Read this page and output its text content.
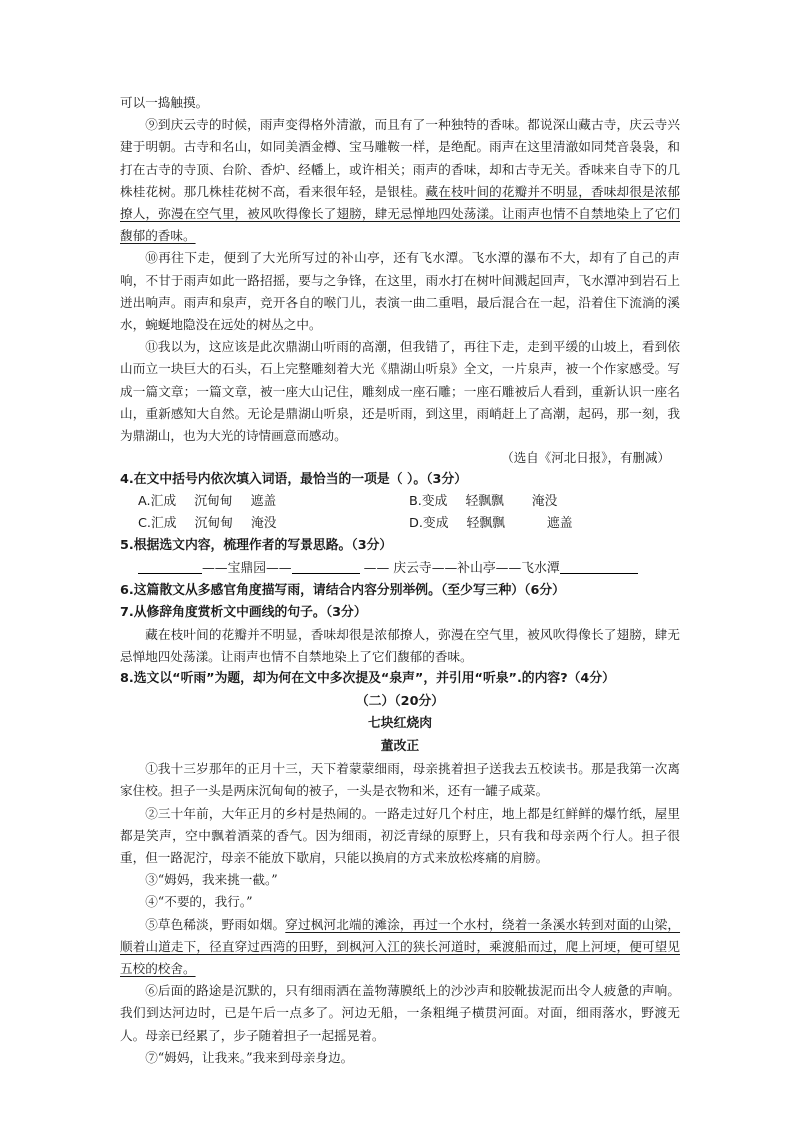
可以一捣触摸。

⑨到庆云寺的时候，雨声变得格外清澈，而且有了一种独特的香味。都说深山藏古寺，庆云寺兴建于明朝。古寺和名山，如同美酒金樽、宝马雕鞍一样，是绝配。雨声在这里清澈如同梵音袅袅，和打在古寺的寺顶、台阶、香炉、经幡上，或许相关；雨声的香味，却和古寺无关。香味来自寺下的几株桂花树。那几株桂花树不高，看来很年轻，是银桂。藏在枝叶间的花瓣并不明显，香味却很是浓郁撩人，弥漫在空气里，被风吹得像长了翅膀，肆无忌惮地四处荡漾。让雨声也情不自禁地染上了它们馥郁的香味。

⑩再往下走，便到了大光所写过的补山亭，还有飞水潭。飞水潭的瀑布不大，却有了自己的声响，不甘于雨声如此一路招摇，要与之争锋，在这里，雨水打在树叶间溅起回声，飞水潭冲到岩石上迸出响声。雨声和泉声，竞开各自的喉门儿，表演一曲二重唱，最后混合在一起，沿着住下流淌的溪水，蜿蜒地隐没在远处的树丛之中。

⑪我以为，这应该是此次鼎湖山听雨的高潮，但我错了，再往下走，走到平缓的山坡上，看到依山而立一块巨大的石头，石上完整雕刻着大光《鼎湖山听泉》全文，一片泉声，被一个作家感受。写成一篇文章；一篇文章，被一座大山记住，雕刻成一座石雕；一座石雕被后人看到，重新认识一座名山，重新感知大自然。无论是鼎湖山听泉，还是听雨，到这里，雨峭赶上了高潮，起码，那一刻，我为鼎湖山，也为大光的诗情画意而感动。

（选自《河北日报》，有删减）

4.在文中括号内依次填入词语，最恰当的一项是（ ）。（3分）

A.汇成 沉甸甸 遮盖	B.变成 轻飘飘 淹没
C.汇成 沉甸甸 淹没	D.变成 轻飘飘	遮盖

5.根据选文内容，梳理作者的写景思路。（3分）

——宝鼎园——	—— 庆云寺——补山亭——飞水潭

6.这篇散文从多感官角度描写雨，请结合内容分别举例。（至少写三种）（6分）

7.从修辞角度赏析文中画线的句子。（3分）

藏在枝叶间的花瓣并不明显，香味却很是浓郁撩人，弥漫在空气里，被风吹得像长了翅膀，肆无忌惮地四处荡漾。让雨声也情不自禁地染上了它们馥郁的香味。

8.选文以“听雨”为题，却为何在文中多次提及“泉声”，并引用“听泉”.的内容?（4分）

（二）（20分）

七块红烧肉

董改正

①我十三岁那年的正月十三，天下着蒙蒙细雨，母亲挑着担子送我去五校读书。那是我第一次离家住校。担子一头是两床沉甸甸的被子，一头是衣物和米，还有一罐子咸菜。

②三十年前，大年正月的乡村是热闹的。一路走过好几个村庄，地上都是红鲜鲜的爆竹纸，屋里都是笑声，空中飘着酒菜的香气。因为细雨，初泛青绿的原野上，只有我和母亲两个行人。担子很重，但一路泥泞，母亲不能放下歇肩，只能以换肩的方式来放松疼痛的肩膀。

③“姆妈，我来挑一截。”

④“不要的，我行。”

⑤草色稀淡，野雨如烟。穿过枫河北端的滩涂，再过一个水村，绕着一条溪水转到对面的山梁，顺着山道走下，径直穿过西湾的田野，到枫河入江的狭长河道时，乘渡船而过，爬上河埂，便可望见五校的校舍。

⑥后面的路途是沉默的，只有细雨洒在盖物薄膜纸上的沙沙声和胶靴拔泥而出令人疲惫的声响。我们到达河边时，已是午后一点多了。河边无船，一条粗绳子横贯河面。对面，细雨落水，野渡无人。母亲已经累了，步子随着担子一起摇晃着。

⑦“姆妈，让我来。”我来到母亲身边。
